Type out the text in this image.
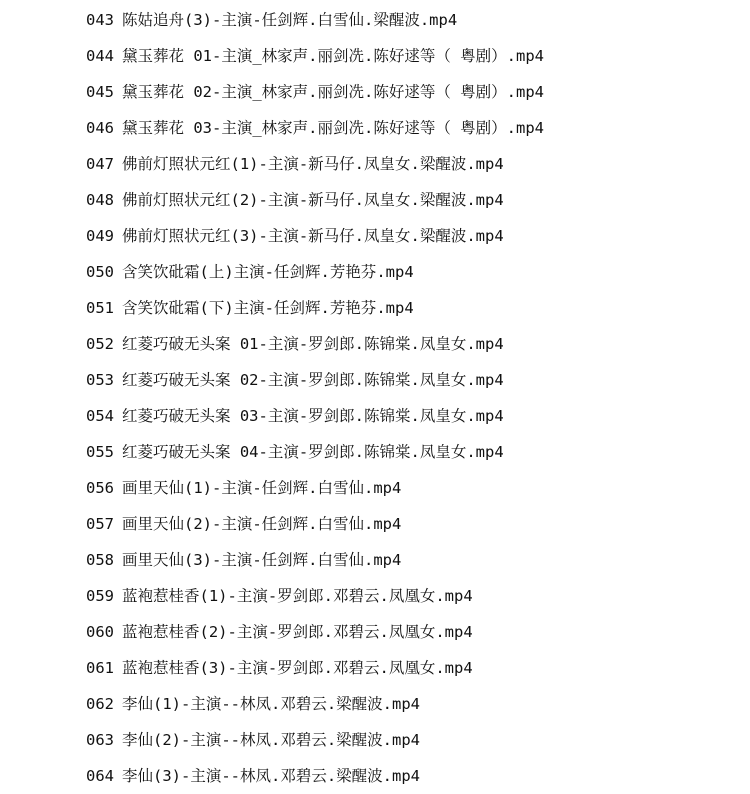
043 陈姑追舟(3)-主演-任剑辉.白雪仙.梁醒波.mp4
044 黛玉葬花 01-主演_林家声.丽剑冼.陈好逑等（ 粤剧）.mp4
045 黛玉葬花 02-主演_林家声.丽剑冼.陈好逑等（ 粤剧）.mp4
046 黛玉葬花 03-主演_林家声.丽剑冼.陈好逑等（ 粤剧）.mp4
047 佛前灯照状元红(1)-主演-新马仔.凤皇女.梁醒波.mp4
048 佛前灯照状元红(2)-主演-新马仔.凤皇女.梁醒波.mp4
049 佛前灯照状元红(3)-主演-新马仔.凤皇女.梁醒波.mp4
050 含笑饮砒霜(上)主演-任剑辉.芳艳芬.mp4
051 含笑饮砒霜(下)主演-任剑辉.芳艳芬.mp4
052 红菱巧破无头案 01-主演-罗剑郎.陈锦棠.凤皇女.mp4
053 红菱巧破无头案 02-主演-罗剑郎.陈锦棠.凤皇女.mp4
054 红菱巧破无头案 03-主演-罗剑郎.陈锦棠.凤皇女.mp4
055 红菱巧破无头案 04-主演-罗剑郎.陈锦棠.凤皇女.mp4
056 画里天仙(1)-主演-任剑辉.白雪仙.mp4
057 画里天仙(2)-主演-任剑辉.白雪仙.mp4
058 画里天仙(3)-主演-任剑辉.白雪仙.mp4
059 蓝袍惹桂香(1)-主演-罗剑郎.邓碧云.凤凰女.mp4
060 蓝袍惹桂香(2)-主演-罗剑郎.邓碧云.凤凰女.mp4
061 蓝袍惹桂香(3)-主演-罗剑郎.邓碧云.凤凰女.mp4
062 李仙(1)-主演--林凤.邓碧云.梁醒波.mp4
063 李仙(2)-主演--林凤.邓碧云.梁醒波.mp4
064 李仙(3)-主演--林凤.邓碧云.梁醒波.mp4
